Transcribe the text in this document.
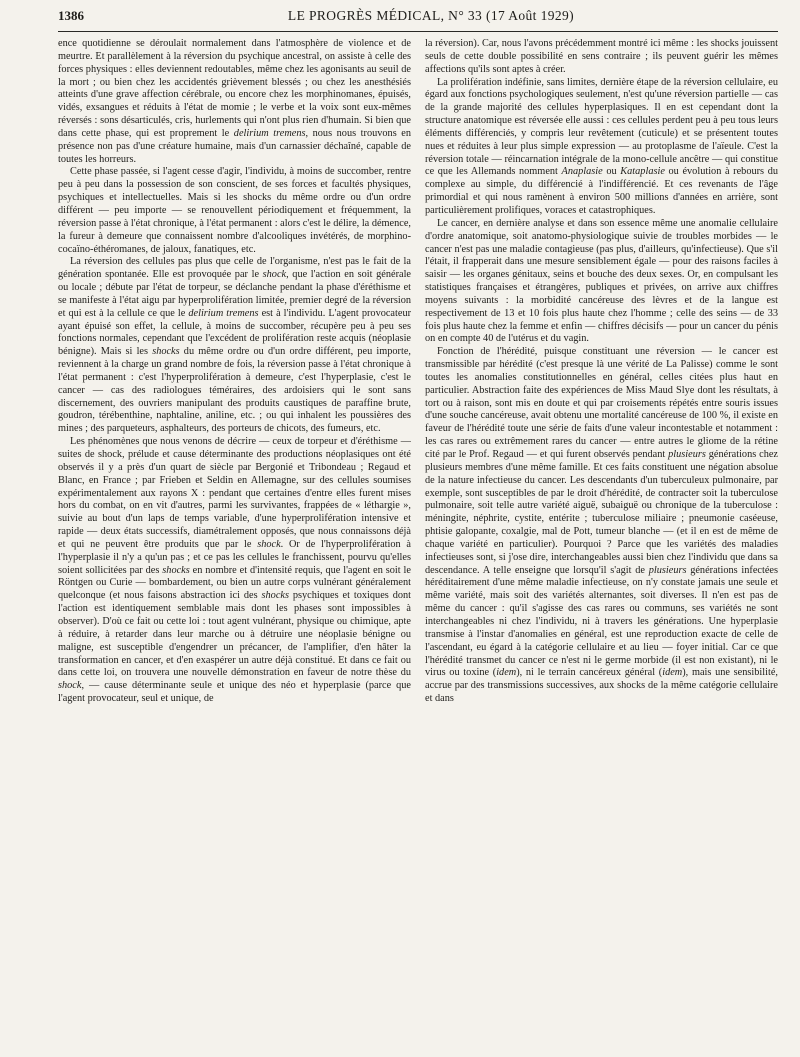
1386	LE PROGRÈS MÉDICAL, N° 33 (17 Août 1929)

ence quotidienne se déroulait normalement dans l'atmosphère de violence et de meurtre. Et parallèlement à la réversion du psychique ancestral, on assiste à celle des forces physiques : elles deviennent redoutables, même chez les agonisants au seuil de la mort ; ou bien chez les accidentés grièvement blessés ; ou chez les anesthésiés atteints d'une grave affection cérébrale, ou encore chez les morphinomanes, épuisés, vidés, exsangues et réduits à l'état de momie ; le verbe et la voix sont eux-mêmes réversés : sons désarticulés, cris, hurlements qui n'ont plus rien d'humain. Si bien que dans cette phase, qui est proprement le delirium tremens, nous nous trouvons en présence non pas d'une créature humaine, mais d'un carnassier déchaîné, capable de toutes les horreurs.

Cette phase passée, si l'agent cesse d'agir, l'individu, à moins de succomber, rentre peu à peu dans la possession de son conscient, de ses forces et facultés physiques, psychiques et intellectuelles. Mais si les shocks du même ordre ou d'un ordre différent — peu importe — se renouvellent périodiquement et fréquemment, la réversion passe à l'état chronique, à l'état permanent : alors c'est le délire, la démence, la fureur à demeure que connaissent nombre d'alcooliques invétérés, de morphino-cocaïno-éthéromanes, de jaloux, fanatiques, etc.

La réversion des cellules pas plus que celle de l'organisme, n'est pas le fait de la génération spontanée. Elle est provoquée par le shock, que l'action en soit générale ou locale ; débute par l'état de torpeur, se déclanche pendant la phase d'éréthisme et se manifeste à l'état aigu par hyperprolifération limitée, premier degré de la réversion et qui est à la cellule ce que le delirium tremens est à l'individu. L'agent provocateur ayant épuisé son effet, la cellule, à moins de succomber, récupère peu à peu ses fonctions normales, cependant que l'excédent de prolifération reste acquis (néoplasie bénigne). Mais si les shocks du même ordre ou d'un ordre différent, peu importe, reviennent à la charge un grand nombre de fois, la réversion passe à l'état chronique à l'état permanent : c'est l'hyperprolifération à demeure, c'est l'hyperplasie, c'est le cancer — cas des radiologues téméraires, des ardoisiers qui le sont sans discernement, des ouvriers manipulant des produits caustiques de paraffine brute, goudron, térébenthine, naphtaline, aniline, etc. ; ou qui inhalent les poussières des mines ; des parqueteurs, asphalteurs, des porteurs de chicots, des fumeurs, etc.

Les phénomènes que nous venons de décrire — ceux de torpeur et d'éréthisme — suites de shock, prélude et cause déterminante des productions néoplasiques ont été observés il y a près d'un quart de siècle par Bergonié et Tribondeau ; Regaud et Blanc, en France ; par Frieben et Seldin en Allemagne, sur des cellules soumises expérimentalement aux rayons X : pendant que certaines d'entre elles furent mises hors du combat, on en vit d'autres, parmi les survivantes, frappées de « léthargie », suivie au bout d'un laps de temps variable, d'une hyperprolifération intensive et rapide — deux états successifs, diamétralement opposés, que nous connaissons déjà et qui ne peuvent être produits que par le shock. Or de l'hyperprolifération à l'hyperplasie il n'y a qu'un pas ; et ce pas les cellules le franchissent, pourvu qu'elles soient sollicitées par des shocks en nombre et d'intensité requis, que l'agent en soit le Röntgen ou Curie — bombardement, ou bien un autre corps vulnérant généralement quelconque (et nous faisons abstraction ici des shocks psychiques et toxiques dont l'action est identiquement semblable mais dont les phases sont impossibles à observer). D'où ce fait ou cette loi : tout agent vulnérant, physique ou chimique, apte à réduire, à retarder dans leur marche ou à détruire une néoplasie bénigne ou maligne, est susceptible d'engendrer un précancer, de l'amplifier, d'en hâter la transformation en cancer, et d'en exaspérer un autre déjà constitué. Et dans ce fait ou dans cette loi, on trouvera une nouvelle démonstration en faveur de notre thèse du shock, — cause déterminante seule et unique des néo et hyperplasie (parce que l'agent provocateur, seul et unique, de

la réversion). Car, nous l'avons précédemment montré ici même : les shocks jouissent seuls de cette double possibilité en sens contraire ; ils peuvent guérir les mêmes affections qu'ils sont aptes à créer.

La prolifération indéfinie, sans limites, dernière étape de la réversion cellulaire, eu égard aux fonctions psychologiques seulement, n'est qu'une réversion partielle — cas de la grande majorité des cellules hyperplasiques. Il en est cependant dont la structure anatomique est réversée elle aussi : ces cellules perdent peu à peu tous leurs éléments différenciés, y compris leur revêtement (cuticule) et se présentent toutes nues et réduites à leur plus simple expression — au protoplasme de l'aïeule. C'est la réversion totale — réincarnation intégrale de la mono-cellule ancêtre — qui constitue ce que les Allemands nomment Anaplasie ou Kataplasie ou évolution à rebours du complexe au simple, du différencié à l'indifférencié. Et ces revenants de l'âge primordial et qui nous ramènent à environ 500 millions d'années en arrière, sont particulièrement prolifiques, voraces et catastrophiques.

Le cancer, en dernière analyse et dans son essence même une anomalie cellulaire d'ordre anatomique, soit anatomo-physiologique suivie de troubles morbides — le cancer n'est pas une maladie contagieuse (pas plus, d'ailleurs, qu'infectieuse). Que s'il l'était, il frapperait dans une mesure sensiblement égale — pour des raisons faciles à saisir — les organes génitaux, seins et bouche des deux sexes. Or, en compulsant les statistiques françaises et étrangères, publiques et privées, on arrive aux chiffres moyens suivants : la morbidité cancéreuse des lèvres et de la langue est respectivement de 13 et 10 fois plus haute chez l'homme ; celle des seins — de 33 fois plus haute chez la femme et enfin — chiffres décisifs — pour un cancer du pénis on en compte 40 de l'utérus et du vagin.

Fonction de l'hérédité, puisque constituant une réversion — le cancer est transmissible par hérédité (c'est presque là une vérité de La Palisse) comme le sont toutes les anomalies constitutionnelles en général, celles citées plus haut en particulier. Abstraction faite des expériences de Miss Maud Slye dont les résultats, à tort ou à raison, sont mis en doute et qui par croisements répétés entre souris issues d'une souche cancéreuse, avait obtenu une mortalité cancéreuse de 100 %, il existe en faveur de l'hérédité toute une série de faits d'une valeur incontestable et notamment : les cas rares ou extrêmement rares du cancer — entre autres le gliome de la rétine cité par le Prof. Regaud — et qui furent observés pendant plusieurs générations chez plusieurs membres d'une même famille. Et ces faits constituent une négation absolue de la nature infectieuse du cancer. Les descendants d'un tuberculeux pulmonaire, par exemple, sont susceptibles de par le droit d'hérédité, de contracter soit la tuberculose pulmonaire, soit telle autre variété aiguë, subaiguë ou chronique de la tuberculose : méningite, néphrite, cystite, entérite ; tuberculose miliaire ; pneumonie caséeuse, phtisie galopante, coxalgie, mal de Pott, tumeur blanche — (et il en est de même de chaque variété en particulier). Pourquoi ? Parce que les variétés des maladies infectieuses sont, si j'ose dire, interchangeables aussi bien chez l'individu que dans sa descendance. A telle enseigne que lorsqu'il s'agit de plusieurs générations infectées héréditairement d'une même maladie infectieuse, on n'y constate jamais une seule et même variété, mais soit des variétés alternantes, soit diverses. Il n'en est pas de même du cancer : qu'il s'agisse des cas rares ou communs, ses variétés ne sont interchangeables ni chez l'individu, ni à travers les générations. Une hyperplasie transmise à l'instar d'anomalies en général, est une reproduction exacte de celle de l'ascendant, eu égard à la catégorie cellulaire et au lieu — foyer initial. Car ce que l'hérédité transmet du cancer ce n'est ni le germe morbide (il est non existant), ni le virus ou toxine (idem), ni le terrain cancéreux général (idem), mais une sensibilité, accrue par des transmissions successives, aux shocks de la même catégorie cellulaire et dans
